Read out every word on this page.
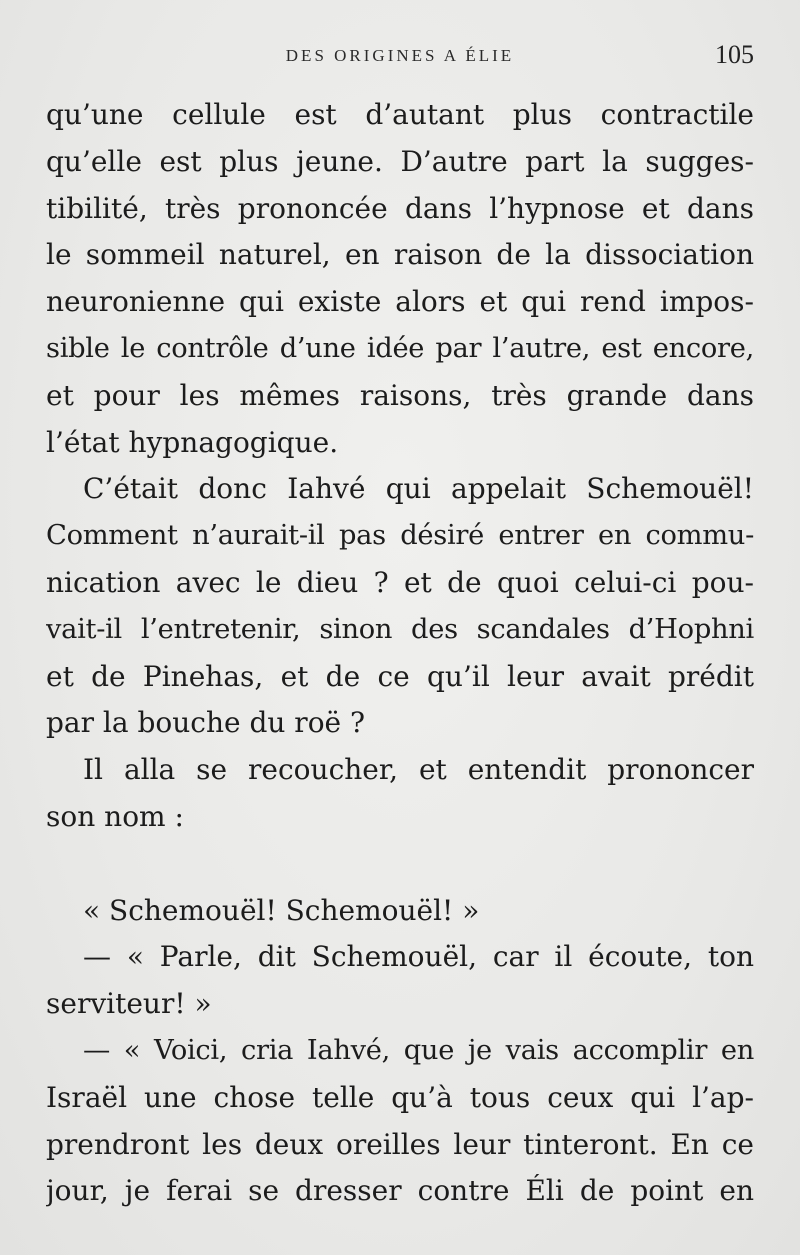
DES ORIGINES A ÉLIE	105
qu’une cellule est d’autant plus contractile
qu’elle est plus jeune. D’autre part la sugges-
tibilité, très prononcée dans l’hypnose et dans
le sommeil naturel, en raison de la dissociation
neuronienne qui existe alors et qui rend impos-
sible le contrôle d’une idée par l’autre, est encore,
et pour les mêmes raisons, très grande dans
l’état hypnagogique.
C’était donc Iahvé qui appelait Schemouël!
Comment n’aurait-il pas désiré entrer en commu-
nication avec le dieu ? et de quoi celui-ci pou-
vait-il l’entretenir, sinon des scandales d’Hophni
et de Pinehas, et de ce qu’il leur avait prédit
par la bouche du roë ?
Il alla se recoucher, et entendit prononcer
son nom :
« Schemouël! Schemouël! »
— « Parle, dit Schemouël, car il écoute, ton
serviteur! »
— « Voici, cria Iahvé, que je vais accomplir en
Israël une chose telle qu’à tous ceux qui l’ap-
prendront les deux oreilles leur tinteront. En ce
jour, je ferai se dresser contre Éli de point en
